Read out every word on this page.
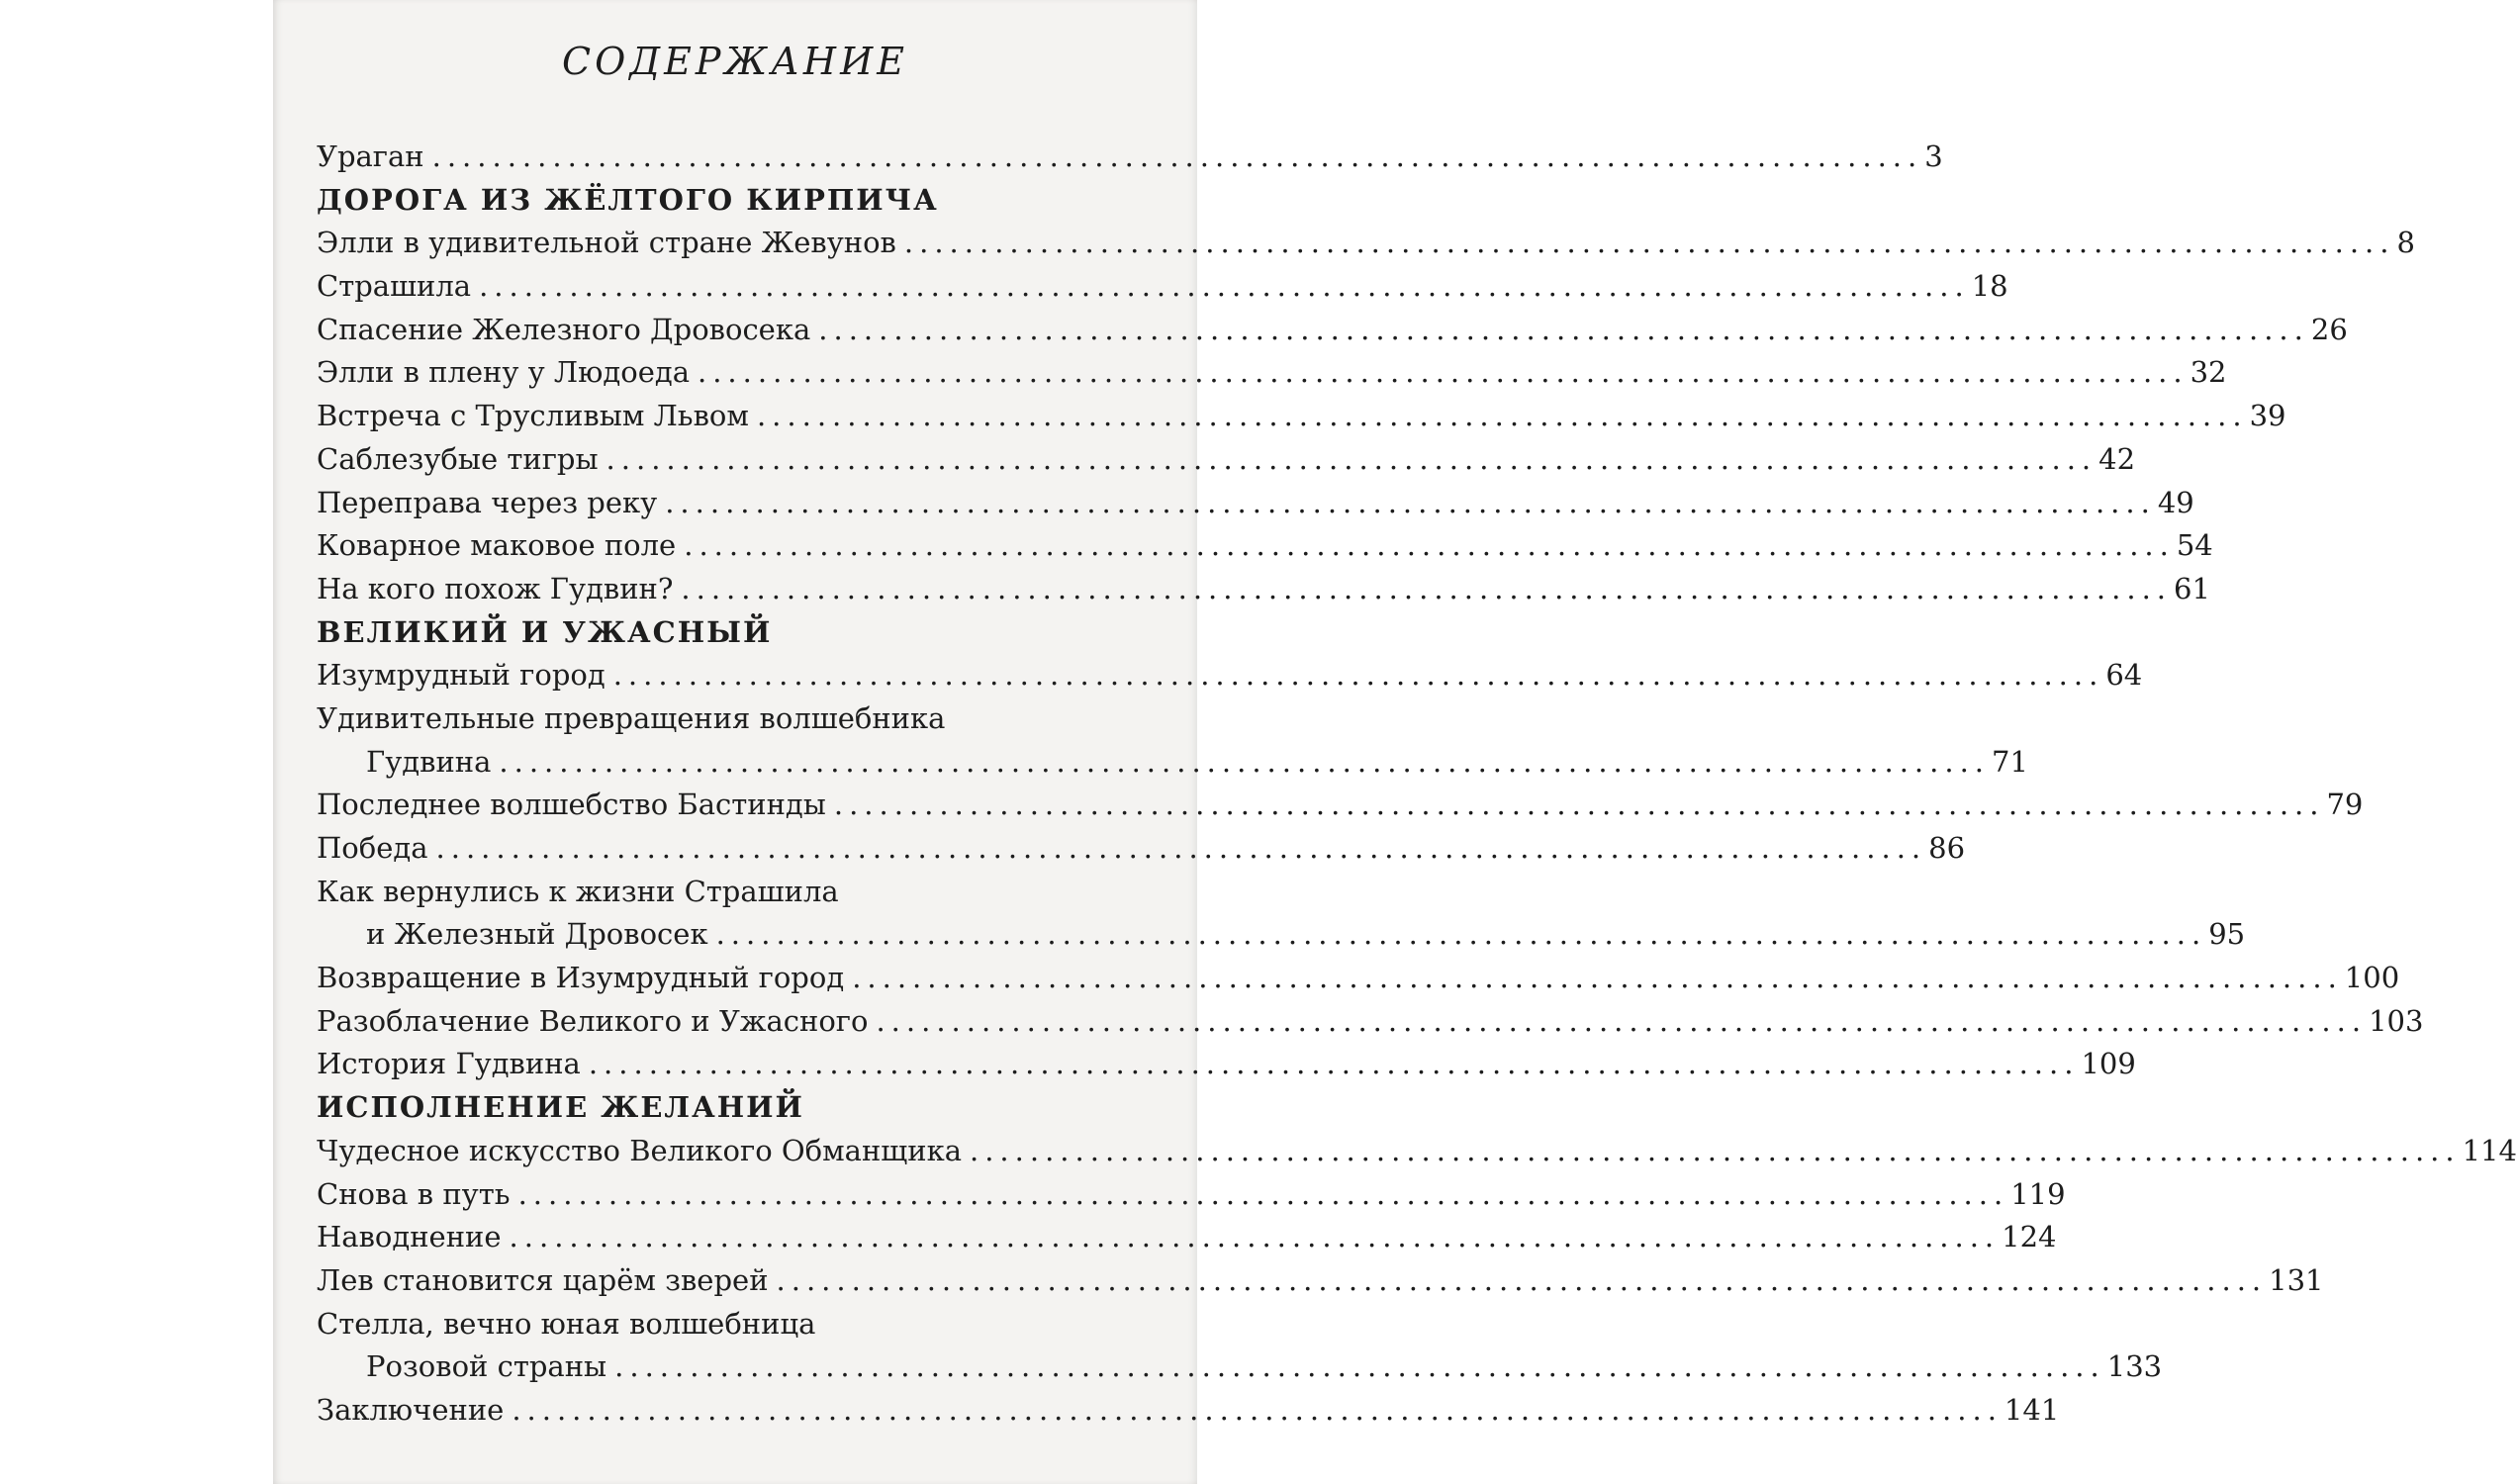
СОДЕРЖАНИЕ
Ураган ................................................................................................... 3
ДОРОГА ИЗ ЖЁЛТОГО КИРПИЧА
Элли в удивительной стране Жевунов ................................................................................................... 8
Страшила ................................................................................................... 18
Спасение Железного Дровосека ................................................................................................... 26
Элли в плену у Людоеда ................................................................................................... 32
Встреча с Трусливым Львом ................................................................................................... 39
Саблезубые тигры ................................................................................................... 42
Переправа через реку ................................................................................................... 49
Коварное маковое поле ................................................................................................... 54
На кого похож Гудвин? ................................................................................................... 61
ВЕЛИКИЙ И УЖАСНЫЙ
Изумрудный город ................................................................................................... 64
Удивительные превращения волшебника
Гудвина ................................................................................................... 71
Последнее волшебство Бастинды ................................................................................................... 79
Победа ................................................................................................... 86
Как вернулись к жизни Страшила
и Железный Дровосек ................................................................................................... 95
Возвращение в Изумрудный город ................................................................................................... 100
Разоблачение Великого и Ужасного ................................................................................................... 103
История Гудвина ................................................................................................... 109
ИСПОЛНЕНИЕ ЖЕЛАНИЙ
Чудесное искусство Великого Обманщика ................................................................................................... 114
Снова в путь ................................................................................................... 119
Наводнение ................................................................................................... 124
Лев становится царём зверей ................................................................................................... 131
Стелла, вечно юная волшебница
Розовой страны ................................................................................................... 133
Заключение ................................................................................................... 141
